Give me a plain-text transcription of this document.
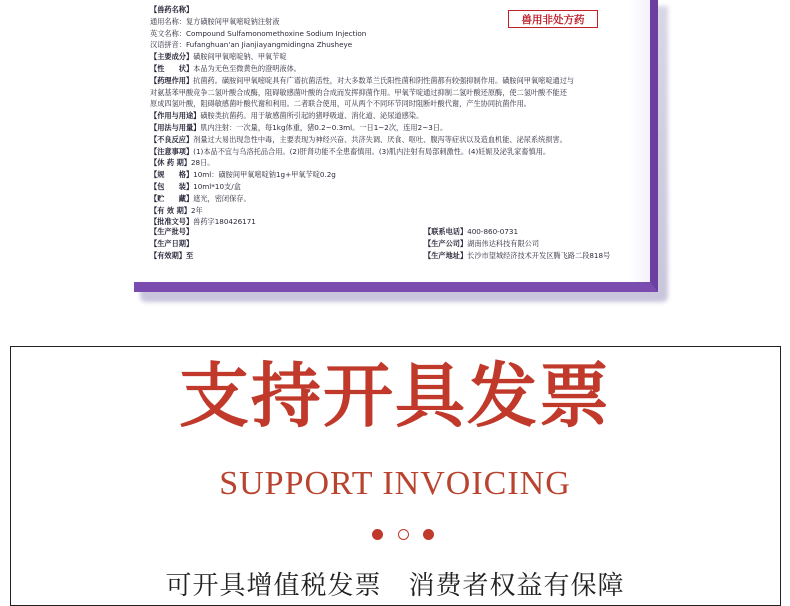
【兽药名称】
通用名称：复方磺胺间甲氧嘧啶钠注射液
英文名称：Compound Sulfamonomethoxine Sodium Injection
汉语拼音：Fufanghuan'an Jianjiayangmidingna Zhusheye
【主要成分】磺胺间甲氧嘧啶钠、甲氧苄啶
【性　　状】本品为无色至微黄色的澄明液体。
【药理作用】抗菌药。磺胺间甲氧嘧啶具有广谱抗菌活性，对大多数革兰氏阳性菌和阴性菌都有较强抑制作用。磺胺间甲氧嘧啶通过与
对氨基苯甲酸竞争二氢叶酸合成酶，阻碍敏感菌叶酸的合成而发挥抑菌作用。甲氧苄啶通过抑制二氢叶酸还原酶，使二氢叶酸不能还
原成四氢叶酸，阻碍敏感菌叶酸代谢和利用。二者联合使用，可从两个不同环节同时阻断叶酸代谢，产生协同抗菌作用。
【作用与用途】磺胺类抗菌药。用于敏感菌所引起的猪呼吸道、消化道、泌尿道感染。
【用法与用量】肌内注射：一次量，每1kg体重，猪0.2~0.3ml。一日1~2次，连用2~3日。
【不良反应】剂量过大易出现急性中毒，主要表现为神经兴奋、共济失调、厌食、呕吐、腹泻等症状以及造血机能、泌尿系统损害。
【注意事项】(1)本品不宜与乌洛托品合用。(2)肝肾功能不全患畜慎用。(3)肌内注射有局部刺激性。(4)妊娠及泌乳家畜慎用。
【休 药 期】28日。
【规　　格】10ml：磺胺间甲氧嘧啶钠1g+甲氧苄啶0.2g
【包　　装】10ml*10支/盒
【贮　　藏】遮光，密闭保存。
【有 效 期】2年
【批准文号】兽药字180426171
兽用非处方药
【生产批号】
【生产日期】
【有效期】至
【联系电话】400-860-0731
【生产公司】湖南伟达科技有限公司
【生产地址】长沙市望城经济技术开发区腾飞路二段818号
支持开具发票
SUPPORT INVOICING
可开具增值税发票　消费者权益有保障
